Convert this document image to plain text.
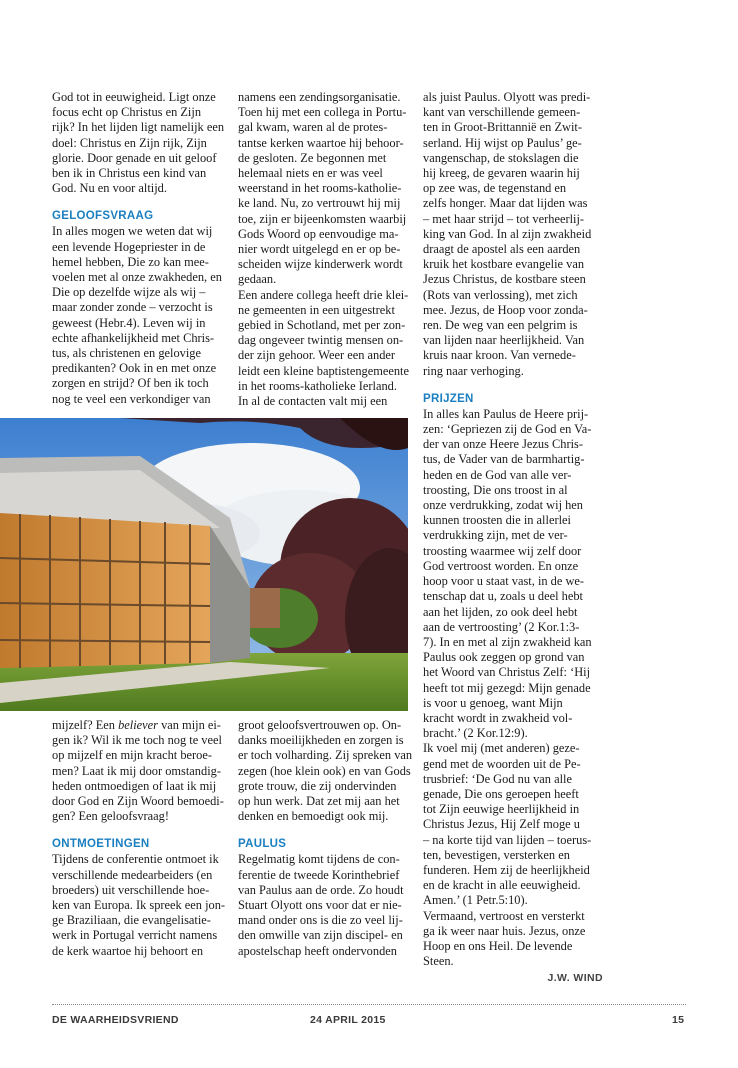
God tot in eeuwigheid. Ligt onze
focus echt op Christus en Zijn
rijk? In het lijden ligt namelijk een
doel: Christus en Zijn rijk, Zijn
glorie. Door genade en uit geloof
ben ik in Christus een kind van
God. Nu en voor altijd.

GELOOFSVRAAG

In alles mogen we weten dat wij
een levende Hogepriester in de
hemel hebben, Die zo kan mee-
voelen met al onze zwakheden, en
Die op dezelfde wijze als wij –
maar zonder zonde – verzocht is
geweest (Hebr.4). Leven wij in
echte afhankelijkheid met Chris-
tus, als christenen en gelovige
predikanten? Ook in en met onze
zorgen en strijd? Of ben ik toch
nog te veel een verkondiger van

namens een zendingsorganisatie.
Toen hij met een collega in Portu-
gal kwam, waren al de protes-
tantse kerken waartoe hij behoor-
de gesloten. Ze begonnen met
helemaal niets en er was veel
weerstand in het rooms-katholie-
ke land. Nu, zo vertrouwt hij mij
toe, zijn er bijeenkomsten waarbij
Gods Woord op eenvoudige ma-
nier wordt uitgelegd en er op be-
scheiden wijze kinderwerk wordt
gedaan.

Een andere collega heeft drie klei-
ne gemeenten in een uitgestrekt
gebied in Schotland, met per zon-
dag ongeveer twintig mensen on-
der zijn gehoor. Weer een ander
leidt een kleine baptistengemeente
in het rooms-katholieke Ierland.
In al de contacten valt mij een

mijzelf? Een believer van mijn ei-
gen ik? Wil ik me toch nog te veel
op mijzelf en mijn kracht beroe-
men? Laat ik mij door omstandig-
heden ontmoedigen of laat ik mij
door God en Zijn Woord bemoedi-
gen? Een geloofsvraag!

ONTMOETINGEN

Tijdens de conferentie ontmoet ik
verschillende medearbeiders (en
broeders) uit verschillende hoe-
ken van Europa. Ik spreek een jon-
ge Braziliaan, die evangelisatie-
werk in Portugal verricht namens
de kerk waartoe hij behoort en

groot geloofsvertrouwen op. On-
danks moeilijkheden en zorgen is
er toch volharding. Zij spreken van
zegen (hoe klein ook) en van Gods
grote trouw, die zij ondervinden
op hun werk. Dat zet mij aan het
denken en bemoedigt ook mij.

PAULUS

Regelmatig komt tijdens de con-
ferentie de tweede Korinthebrief
van Paulus aan de orde. Zo houdt
Stuart Olyott ons voor dat er nie-
mand onder ons is die zo veel lij-
den omwille van zijn discipel- en
apostelschap heeft ondervonden

als juist Paulus. Olyott was predi-
kant van verschillende gemeen-
ten in Groot-Brittannië en Zwit-
serland. Hij wijst op Paulus’ ge-
vangenschap, de stokslagen die
hij kreeg, de gevaren waarin hij
op zee was, de tegenstand en
zelfs honger. Maar dat lijden was
– met haar strijd – tot verheerlij-
king van God. In al zijn zwakheid
draagt de apostel als een aarden
kruik het kostbare evangelie van
Jezus Christus, de kostbare steen
(Rots van verlossing), met zich
mee. Jezus, de Hoop voor zonda-
ren. De weg van een pelgrim is
van lijden naar heerlijkheid. Van
kruis naar kroon. Van vernede-
ring naar verhoging.

PRIJZEN

In alles kan Paulus de Heere prij-
zen: ‘Gepriezen zij de God en Va-
der van onze Heere Jezus Chris-
tus, de Vader van de barmhartig-
heden en de God van alle ver-
troosting, Die ons troost in al
onze verdrukking, zodat wij hen
kunnen troosten die in allerlei
verdrukking zijn, met de ver-
troosting waarmee wij zelf door
God vertroost worden. En onze
hoop voor u staat vast, in de we-
tenschap dat u, zoals u deel hebt
aan het lijden, zo ook deel hebt
aan de vertroosting’ (2 Kor.1:3-
7). In en met al zijn zwakheid kan
Paulus ook zeggen op grond van
het Woord van Christus Zelf: ‘Hij
heeft tot mij gezegd: Mijn genade
is voor u genoeg, want Mijn
kracht wordt in zwakheid vol-
bracht.’ (2 Kor.12:9).

Ik voel mij (met anderen) geze-
gend met de woorden uit de Pe-
trusbrief: ‘De God nu van alle
genade, Die ons geroepen heeft
tot Zijn eeuwige heerlijkheid in
Christus Jezus, Hij Zelf moge u
– na korte tijd van lijden – toerus-
ten, bevestigen, versterken en
funderen. Hem zij de heerlijkheid
en de kracht in alle eeuwigheid.
Amen.’ (1 Petr.5:10).

Vermaand, vertroost en versterkt
ga ik weer naar huis. Jezus, onze
Hoop en ons Heil. De levende
Steen.

J.W. WIND
DE WAARHEIDSVRIEND	24 APRIL 2015	15
